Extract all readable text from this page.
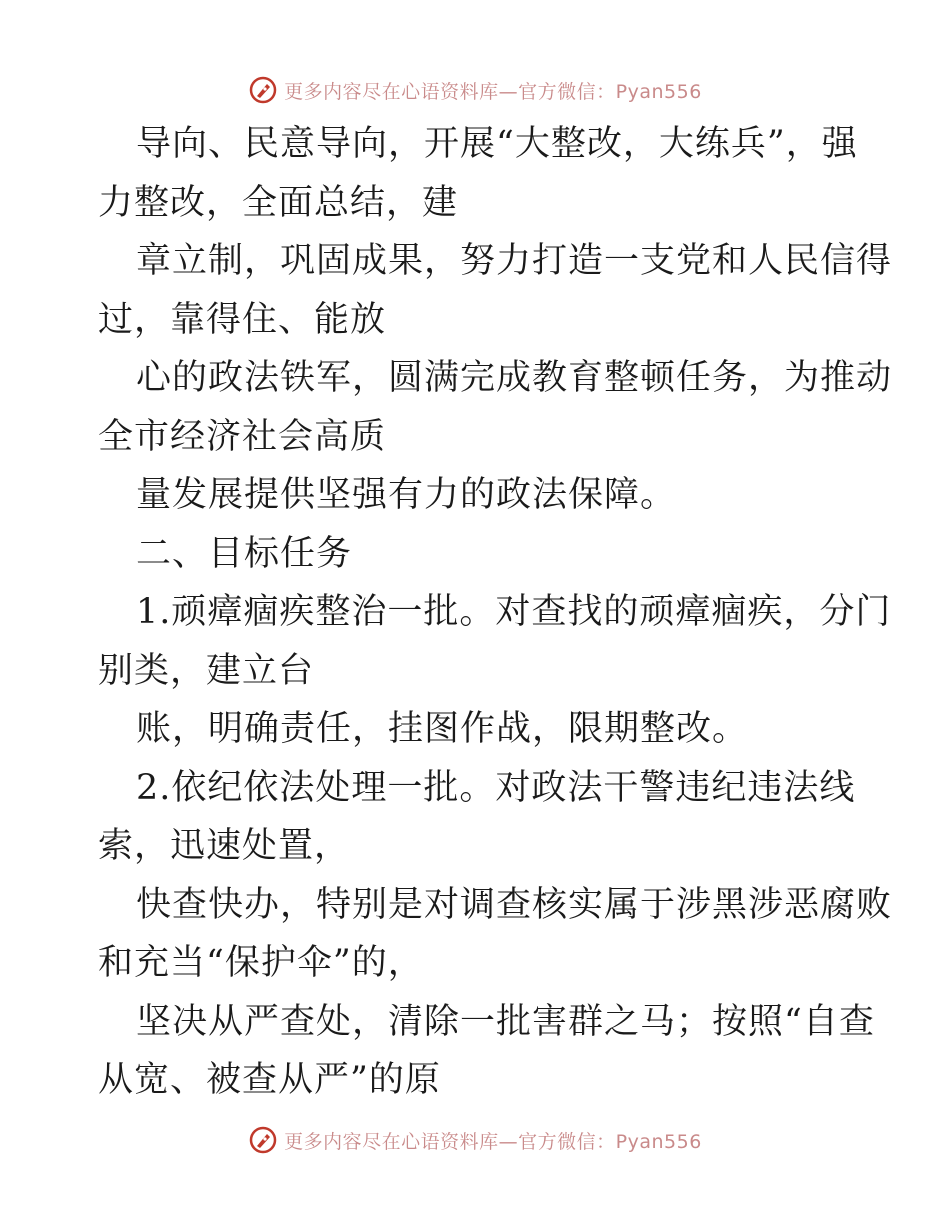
更多内容尽在心语资料库—官方微信：Pyan556
导向、民意导向，开展“大整改，大练兵”，强
力整改，全面总结，建
章立制，巩固成果，努力打造一支党和人民信得
过，靠得住、能放
心的政法铁军，圆满完成教育整顿任务，为推动
全市经济社会高质
量发展提供坚强有力的政法保障。
二、目标任务
1.顽瘴痼疾整治一批。对查找的顽瘴痼疾，分门
别类，建立台
账，明确责任，挂图作战，限期整改。
2.依纪依法处理一批。对政法干警违纪违法线
索，迅速处置，
快查快办，特别是对调查核实属于涉黑涉恶腐败
和充当“保护伞”的，
坚决从严查处，清除一批害群之马；按照“自查
从宽、被查从严”的原
更多内容尽在心语资料库—官方微信：Pyan556
